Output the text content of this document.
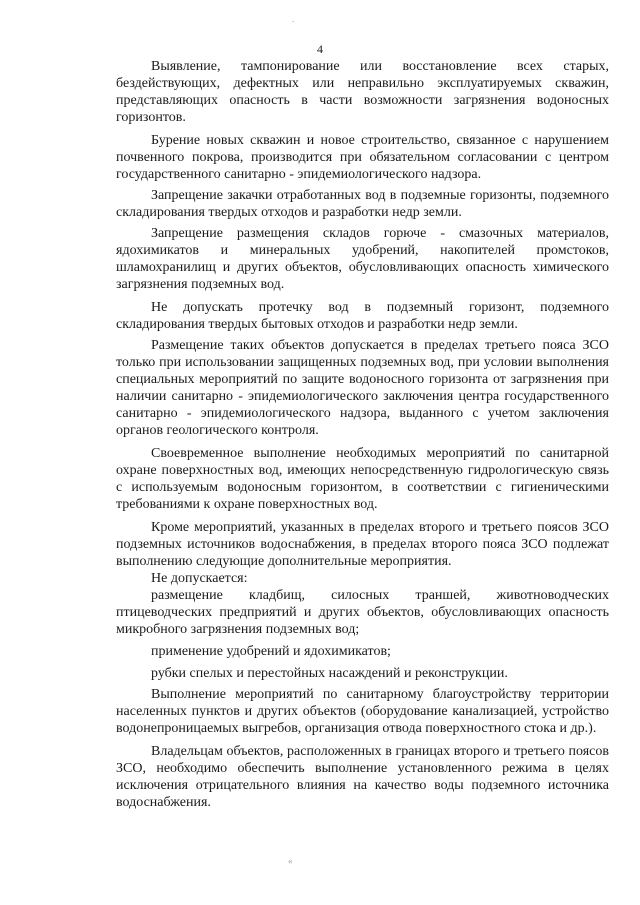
.
4

Выявление, тампонирование или восстановление всех старых, бездействующих, дефектных или неправильно эксплуатируемых скважин, представляющих опасность в части возможности загрязнения водоносных горизонтов.

Бурение новых скважин и новое строительство, связанное с нарушением почвенного покрова, производится при обязательном согласовании с центром государственного санитарно - эпидемиологического надзора.

Запрещение закачки отработанных вод в подземные горизонты, подземного складирования твердых отходов и разработки недр земли.

Запрещение размещения складов горюче - смазочных материалов, ядохимикатов и минеральных удобрений, накопителей промстоков, шламохранилищ и других объектов, обусловливающих опасность химического загрязнения подземных вод.

Не допускать протечку вод в подземный горизонт, подземного складирования твердых бытовых отходов и разработки недр земли.

Размещение таких объектов допускается в пределах третьего пояса ЗСО только при использовании защищенных подземных вод, при условии выполнения специальных мероприятий по защите водоносного горизонта от загрязнения при наличии санитарно - эпидемиологического заключения центра государственного санитарно - эпидемиологического надзора, выданного с учетом заключения органов геологического контроля.

Своевременное выполнение необходимых мероприятий по санитарной охране поверхностных вод, имеющих непосредственную гидрологическую связь с используемым водоносным горизонтом, в соответствии с гигиеническими требованиями к охране поверхностных вод.

Кроме мероприятий, указанных в пределах второго и третьего поясов ЗСО подземных источников водоснабжения, в пределах второго пояса ЗСО подлежат выполнению следующие дополнительные мероприятия.

Не допускается:

размещение кладбищ, силосных траншей, животноводческих птицеводческих предприятий и других объектов, обусловливающих опасность микробного загрязнения подземных вод;

применение удобрений и ядохимикатов;

рубки спелых и перестойных насаждений и реконструкции.

Выполнение мероприятий по санитарному благоустройству территории населенных пунктов и других объектов (оборудование канализацией, устройство водонепроницаемых выгребов, организация отвода поверхностного стока и др.).

Владельцам объектов, расположенных в границах второго и третьего поясов ЗСО, необходимо обеспечить выполнение установленного режима в целях исключения отрицательного влияния на качество воды подземного источника водоснабжения.

«
